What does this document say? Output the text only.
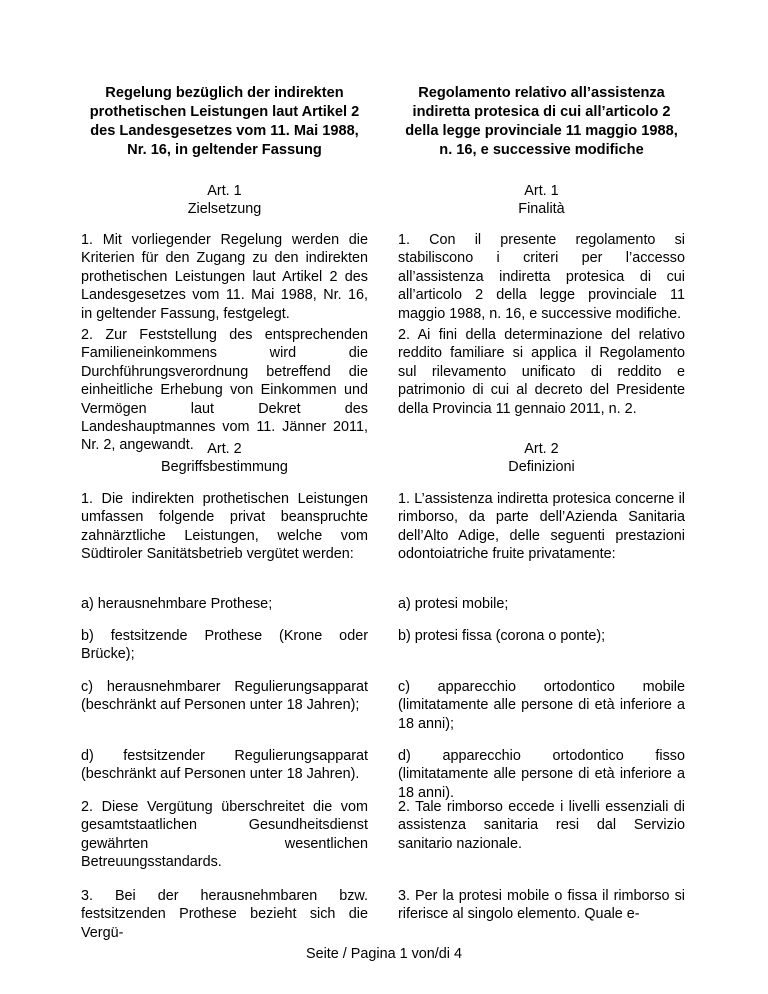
Regelung bezüglich der indirekten prothetischen Leistungen laut Artikel 2 des Landesgesetzes vom 11. Mai 1988, Nr. 16, in geltender Fassung
Art. 1
Zielsetzung
1. Mit vorliegender Regelung werden die Kriterien für den Zugang zu den indirekten prothetischen Leistungen laut Artikel 2 des Landesgesetzes vom 11. Mai 1988, Nr. 16, in geltender Fassung, festgelegt.
2. Zur Feststellung des entsprechenden Familieneinkommens wird die Durchführungsverordnung betreffend die einheitliche Erhebung von Einkommen und Vermögen laut Dekret des Landeshauptmannes vom 11. Jänner 2011, Nr. 2, angewandt. Art. 2
Begriffsbestimmung
1. Die indirekten prothetischen Leistungen umfassen folgende privat beanspruchte zahnärztliche Leistungen, welche vom Südtiroler Sanitätsbetrieb vergütet werden:
a) herausnehmbare Prothese;
b) festsitzende Prothese (Krone oder Brücke);
c) herausnehmbarer Regulierungsapparat (beschränkt auf Personen unter 18 Jahren);
d) festsitzender Regulierungsapparat (beschränkt auf Personen unter 18 Jahren).
2. Diese Vergütung überschreitet die vom gesamtstaatlichen Gesundheitsdienst gewährten wesentlichen Betreuungsstandards.
3. Bei der herausnehmbaren bzw. festsitzenden Prothese bezieht sich die Vergü-
Regolamento relativo all’assistenza indiretta protesica di cui all’articolo 2 della legge provinciale 11 maggio 1988, n. 16, e successive modifiche
Art. 1
Finalità
1. Con il presente regolamento si stabiliscono i criteri per l’accesso all’assistenza indiretta protesica di cui all’articolo 2 della legge provinciale 11 maggio 1988, n. 16, e successive modifiche.
2. Ai fini della determinazione del relativo reddito familiare si applica il Regolamento sul rilevamento unificato di reddito e patrimonio di cui al decreto del Presidente della Provincia 11 gennaio 2011, n. 2.
Art. 2
Definizioni
1. L’assistenza indiretta protesica concerne il rimborso, da parte dell’Azienda Sanitaria dell’Alto Adige, delle seguenti prestazioni odontoiatriche fruite privatamente:
a) protesi mobile;
b) protesi fissa (corona o ponte);
c) apparecchio ortodontico mobile (limitatamente alle persone di età inferiore a 18 anni);
d) apparecchio ortodontico fisso (limitatamente alle persone di età inferiore a 18 anni).
2. Tale rimborso eccede i livelli essenziali di assistenza sanitaria resi dal Servizio sanitario nazionale.
3. Per la protesi mobile o fissa il rimborso si riferisce al singolo elemento. Quale e-
Seite / Pagina 1 von/di 4
